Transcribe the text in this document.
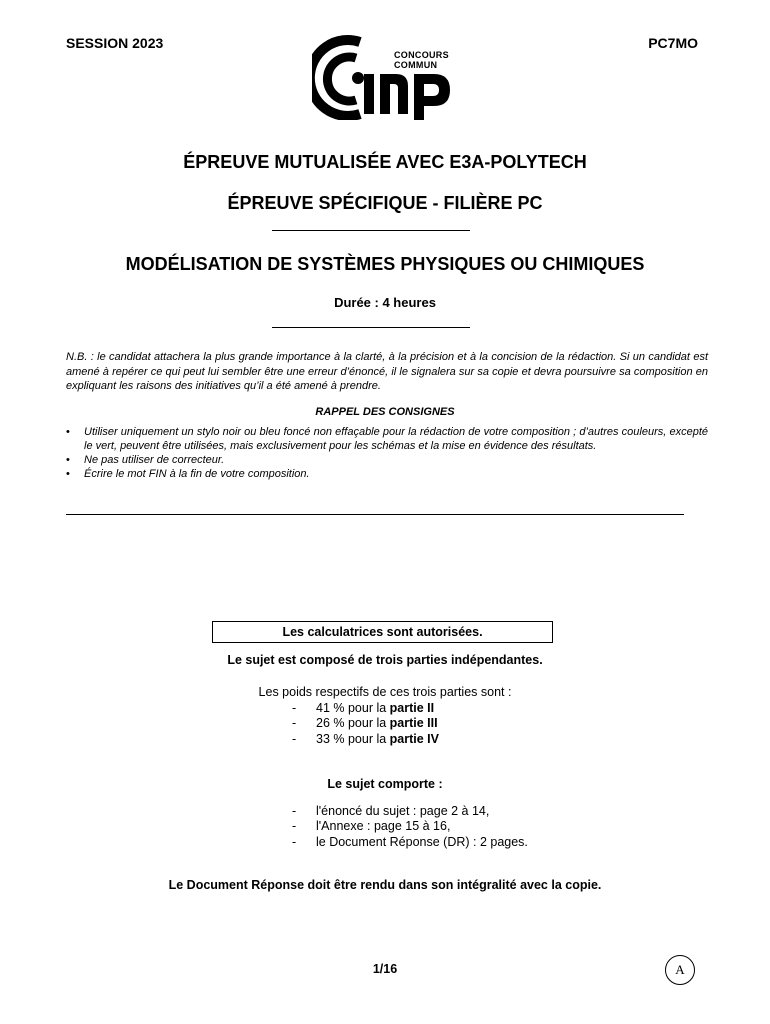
SESSION 2023	PC7MO
CONCOURS
COMMUN
ÉPREUVE MUTUALISÉE AVEC E3A-POLYTECH
ÉPREUVE SPÉCIFIQUE - FILIÈRE PC
MODÉLISATION DE SYSTÈMES PHYSIQUES OU CHIMIQUES
Durée : 4 heures
N.B. : le candidat attachera la plus grande importance à la clarté, à la précision et à la concision de la rédaction. Si un candidat est amené à repérer ce qui peut lui sembler être une erreur d’énoncé, il le signalera sur sa copie et devra poursuivre sa composition en expliquant les raisons des initiatives qu’il a été amené à prendre.
RAPPEL DES CONSIGNES
• Utiliser uniquement un stylo noir ou bleu foncé non effaçable pour la rédaction de votre composition ; d’autres couleurs, excepté le vert, peuvent être utilisées, mais exclusivement pour les schémas et la mise en évidence des résultats.
• Ne pas utiliser de correcteur.
• Écrire le mot FIN à la fin de votre composition.
Les calculatrices sont autorisées.
Le sujet est composé de trois parties indépendantes.
Les poids respectifs de ces trois parties sont :
- 41 % pour la partie II
- 26 % pour la partie III
- 33 % pour la partie IV
Le sujet comporte :
- l'énoncé du sujet : page 2 à 14,
- l'Annexe : page 15 à 16,
- le Document Réponse (DR) : 2 pages.
Le Document Réponse doit être rendu dans son intégralité avec la copie.
1/16	A
